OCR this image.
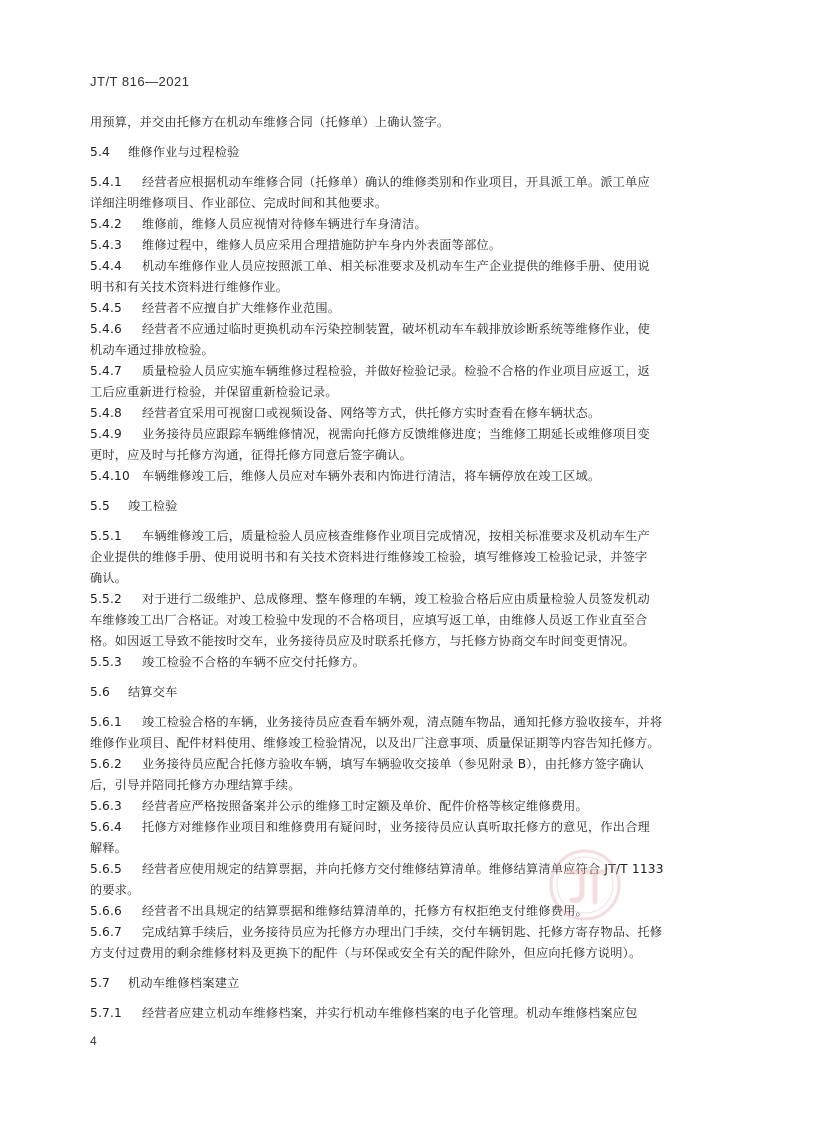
JT/T 816—2021
用预算，并交由托修方在机动车维修合同（托修单）上确认签字。
5.4 维修作业与过程检验
5.4.1 经营者应根据机动车维修合同（托修单）确认的维修类别和作业项目，开具派工单。派工单应
详细注明维修项目、作业部位、完成时间和其他要求。
5.4.2 维修前，维修人员应视情对待修车辆进行车身清洁。
5.4.3 维修过程中，维修人员应采用合理措施防护车身内外表面等部位。
5.4.4 机动车维修作业人员应按照派工单、相关标准要求及机动车生产企业提供的维修手册、使用说
明书和有关技术资料进行维修作业。
5.4.5 经营者不应擅自扩大维修作业范围。
5.4.6 经营者不应通过临时更换机动车污染控制装置，破坏机动车车载排放诊断系统等维修作业，使
机动车通过排放检验。
5.4.7 质量检验人员应实施车辆维修过程检验，并做好检验记录。检验不合格的作业项目应返工，返
工后应重新进行检验，并保留重新检验记录。
5.4.8 经营者宜采用可视窗口或视频设备、网络等方式，供托修方实时查看在修车辆状态。
5.4.9 业务接待员应跟踪车辆维修情况，视需向托修方反馈维修进度；当维修工期延长或维修项目变
更时，应及时与托修方沟通，征得托修方同意后签字确认。
5.4.10 车辆维修竣工后，维修人员应对车辆外表和内饰进行清洁，将车辆停放在竣工区域。
5.5 竣工检验
5.5.1 车辆维修竣工后，质量检验人员应核查维修作业项目完成情况，按相关标准要求及机动车生产
企业提供的维修手册、使用说明书和有关技术资料进行维修竣工检验，填写维修竣工检验记录，并签字
确认。
5.5.2 对于进行二级维护、总成修理、整车修理的车辆，竣工检验合格后应由质量检验人员签发机动
车维修竣工出厂合格证。对竣工检验中发现的不合格项目，应填写返工单，由维修人员返工作业直至合
格。如因返工导致不能按时交车，业务接待员应及时联系托修方，与托修方协商交车时间变更情况。
5.5.3 竣工检验不合格的车辆不应交付托修方。
5.6 结算交车
5.6.1 竣工检验合格的车辆，业务接待员应查看车辆外观，清点随车物品，通知托修方验收接车，并将
维修作业项目、配件材料使用、维修竣工检验情况，以及出厂注意事项、质量保证期等内容告知托修方。
5.6.2 业务接待员应配合托修方验收车辆，填写车辆验收交接单（参见附录 B），由托修方签字确认
后，引导并陪同托修方办理结算手续。
5.6.3 经营者应严格按照备案并公示的维修工时定额及单价、配件价格等核定维修费用。
5.6.4 托修方对维修作业项目和维修费用有疑问时，业务接待员应认真听取托修方的意见，作出合理
解释。
5.6.5 经营者应使用规定的结算票据，并向托修方交付维修结算清单。维修结算清单应符合 JT/T 1133
的要求。
5.6.6 经营者不出具规定的结算票据和维修结算清单的，托修方有权拒绝支付维修费用。
5.6.7 完成结算手续后，业务接待员应为托修方办理出门手续，交付车辆钥匙、托修方寄存物品、托修
方支付过费用的剩余维修材料及更换下的配件（与环保或安全有关的配件除外，但应向托修方说明）。
5.7 机动车维修档案建立
5.7.1 经营者应建立机动车维修档案，并实行机动车维修档案的电子化管理。机动车维修档案应包
4
